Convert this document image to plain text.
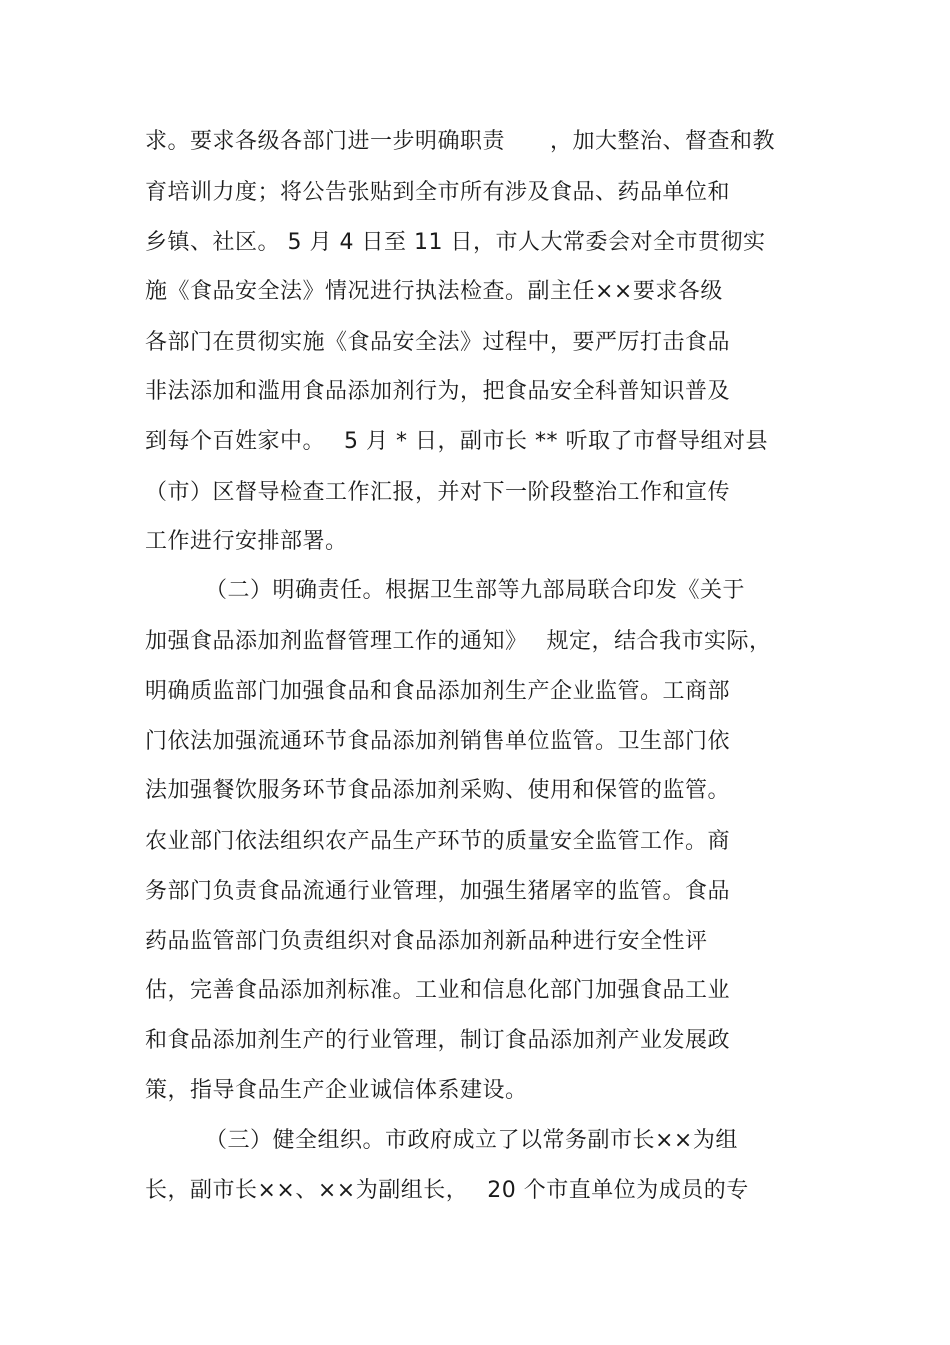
求。要求各级各部门进一步明确职责　　，加大整治、督查和教

育培训力度；将公告张贴到全市所有涉及食品、药品单位和

乡镇、社区。 5 月 4 日至 11 日，市人大常委会对全市贯彻实

施《食品安全法》情况进行执法检查。副主任××要求各级

各部门在贯彻实施《食品安全法》过程中，要严厉打击食品

非法添加和滥用食品添加剂行为，把食品安全科普知识普及

到每个百姓家中。　 5 月 * 日，副市长 ** 听取了市督导组对县

（市）区督导检查工作汇报，并对下一阶段整治工作和宣传

工作进行安排部署。

（二）明确责任。根据卫生部等九部局联合印发《关于

加强食品添加剂监督管理工作的通知》　 规定，结合我市实际，

明确质监部门加强食品和食品添加剂生产企业监管。工商部

门依法加强流通环节食品添加剂销售单位监管。卫生部门依

法加强餐饮服务环节食品添加剂采购、使用和保管的监管。

农业部门依法组织农产品生产环节的质量安全监管工作。商

务部门负责食品流通行业管理，加强生猪屠宰的监管。食品

药品监管部门负责组织对食品添加剂新品种进行安全性评

估，完善食品添加剂标准。工业和信息化部门加强食品工业

和食品添加剂生产的行业管理，制订食品添加剂产业发展政

策，指导食品生产企业诚信体系建设。

（三）健全组织。市政府成立了以常务副市长××为组

长，副市长××、××为副组长，　 20 个市直单位为成员的专
